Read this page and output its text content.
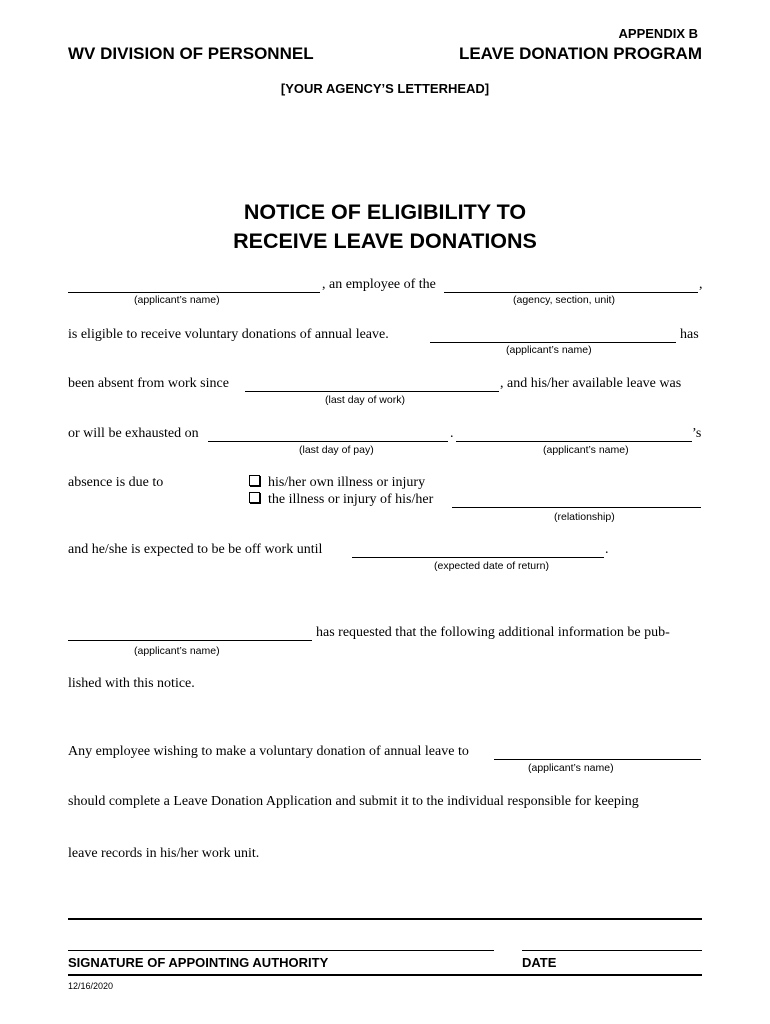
APPENDIX B
WV DIVISION OF PERSONNEL	LEAVE DONATION PROGRAM
[YOUR AGENCY’S LETTERHEAD]
NOTICE OF ELIGIBILITY TO
RECEIVE LEAVE DONATIONS
, an employee of the	,
(applicant’s name)	(agency, section, unit)
is eligible to receive voluntary donations of annual leave.	has
(applicant’s name)
been absent from work since	, and his/her available leave was
(last day of work)
or will be exhausted on	.	’s
(last day of pay)	(applicant’s name)
absence is due to	his/her own illness or injury
the illness or injury of his/her
(relationship)
and he/she is expected to be be off work until	.
(expected date of return)
has requested that the following additional information be pub-
(applicant’s name)
lished with this notice.
Any employee wishing to make a voluntary donation of annual leave to
(applicant’s name)
should complete a Leave Donation Application and submit it to the individual responsible for keeping
leave records in his/her work unit.
SIGNATURE OF APPOINTING AUTHORITY	DATE
12/16/2020
